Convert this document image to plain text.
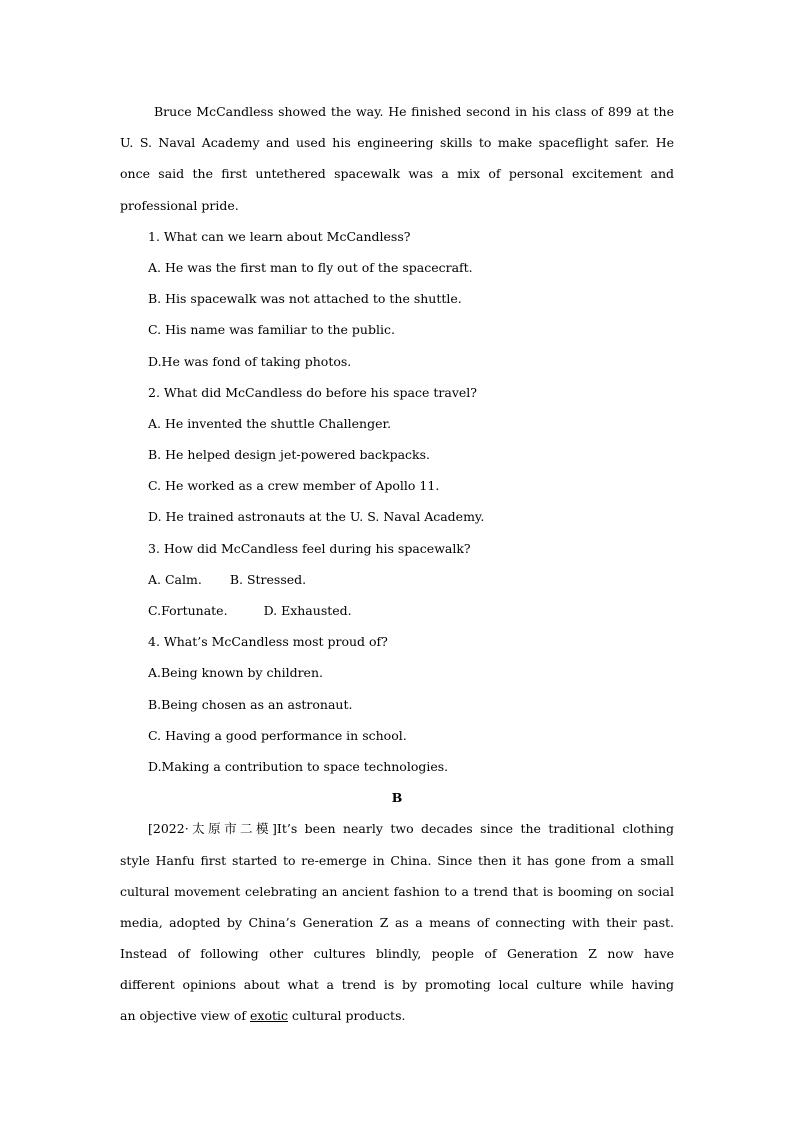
Bruce McCandless showed the way. He finished second in his class of 899 at the
U. S. Naval Academy and used his engineering skills to make spaceflight safer. He
once said the first untethered spacewalk was a mix of personal excitement and
professional pride.
1. What can we learn about McCandless?
A. He was the first man to fly out of the spacecraft.
B. His spacewalk was not attached to the shuttle.
C. His name was familiar to the public.
D.He was fond of taking photos.
2. What did McCandless do before his space travel?
A. He invented the shuttle Challenger.
B. He helped design jet-powered backpacks.
C. He worked as a crew member of Apollo 11.
D. He trained astronauts at the U. S. Naval Academy.
3. How did McCandless feel during his spacewalk?
A. Calm. B. Stressed.
C.Fortunate.	D. Exhausted.
4. What’s McCandless most proud of?
A.Being known by children.
B.Being chosen as an astronaut.
C. Having a good performance in school.
D.Making a contribution to space technologies.
B
[2022·太原市二模]It’s been nearly two decades since the traditional clothing
style Hanfu first started to re-emerge in China. Since then it has gone from a small
cultural movement celebrating an ancient fashion to a trend that is booming on social
media, adopted by China’s Generation Z as a means of connecting with their past.
Instead of following other cultures blindly, people of Generation Z now have
different opinions about what a trend is by promoting local culture while having
an objective view of exotic cultural products.
